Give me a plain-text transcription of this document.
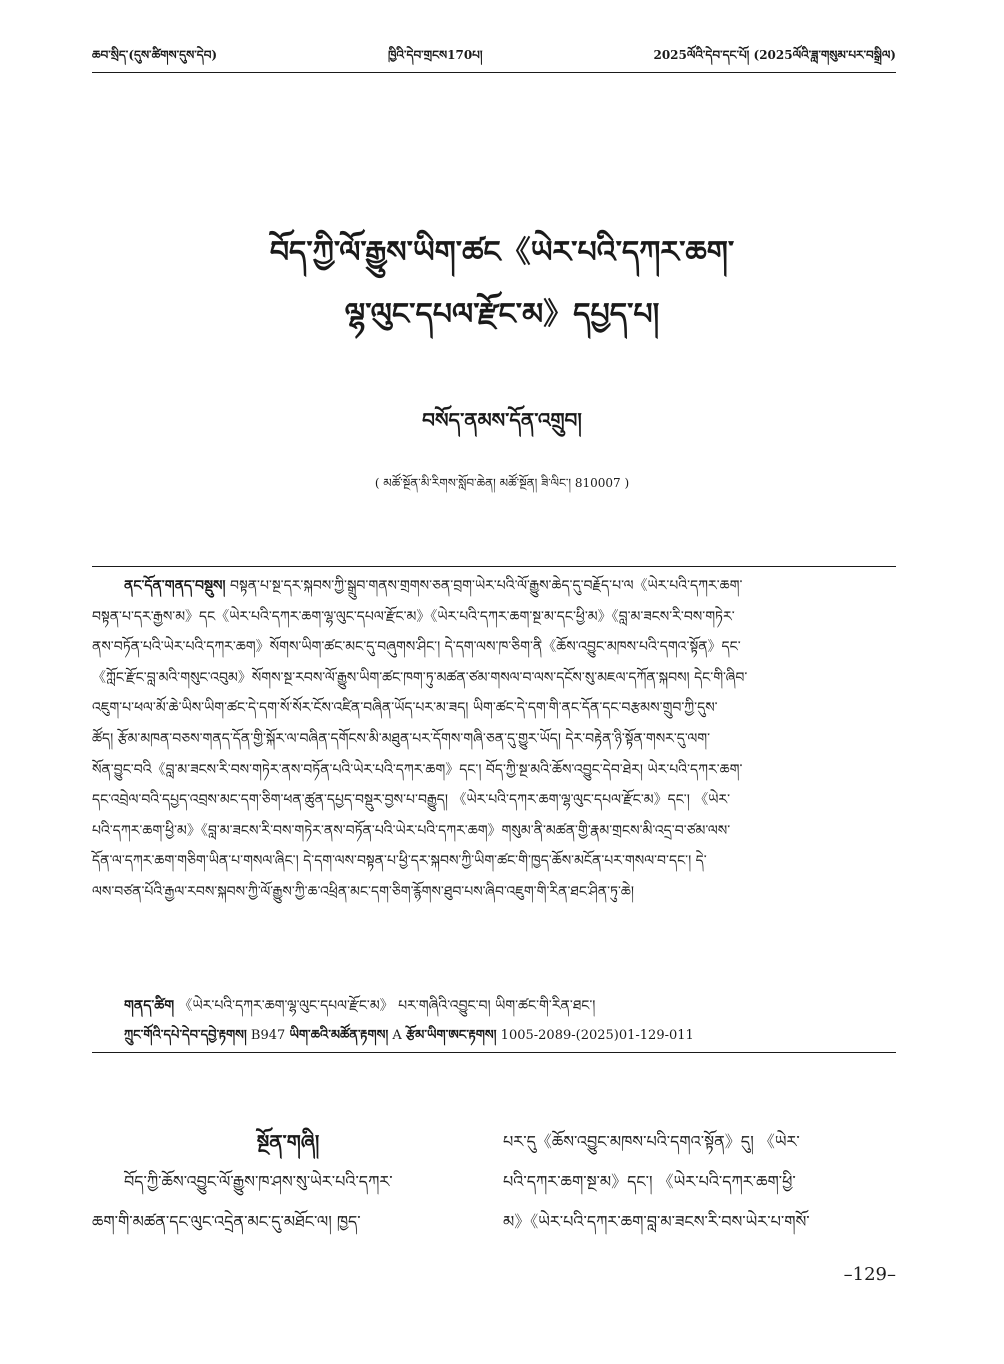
ཆབ་སྲིད་(དུས་ཚིགས་དུས་དེབ)	ཁྱིའི་དེབ་གྲངས170པ།	2025ལོའི་དེབ་དང་པོ། (2025ལོའི་ཟླ་གསུམ་པར་བསྒྲིལ)
བོད་ཀྱི་ལོ་རྒྱུས་ཡིག་ཚང《ཡེར་པའི་དཀར་ཆག་
ལྷ་ལུང་དཔལ་རྫོང་མ》དཔྱད་པ།
བསོད་ནམས་དོན་འགྲུབ།
( མཚོ་སྔོན་མི་རིགས་སློབ་ཆེན། མཚོ་སྔོན། ཟི་ལིང་། 810007 )
ནང་དོན་གནད་བསྡུས། བསྟན་པ་སྔ་དར་སྐབས་ཀྱི་སྒྲུབ་གནས་གྲགས་ཅན་བྲག་ཡེར་པའི་ལོ་རྒྱུས་ཆེད་དུ་བརྗོད་པ་ལ《ཡེར་པའི་དཀར་ཆག་
བསྟན་པ་དར་རྒྱས་མ》དང《ཡེར་པའི་དཀར་ཆག་ལྷ་ལུང་དཔལ་རྫོང་མ》《ཡེར་པའི་དཀར་ཆག་སྔ་མ་དང་ཕྱི་མ》《བླ་མ་ཟངས་རི་བས་གཏེར་
ནས་བཏོན་པའི་ཡེར་པའི་དཀར་ཆག》སོགས་ཡིག་ཚང་མང་དུ་བཞུགས་ཤིང་། དེ་དག་ལས་ཁ་ཅིག་ནི《ཆོས་འབྱུང་མཁས་པའི་དགའ་སྟོན》དང་
《ཀློང་རྫོང་བླ་མའི་གསུང་འབུམ》སོགས་སྔ་རབས་ལོ་རྒྱུས་ཡིག་ཚང་ཁག་ཏུ་མཚན་ཙམ་གསལ་བ་ལས་དངོས་སུ་མཇལ་དཀོན་སྐབས། དེང་གི་ཞིབ་
འཇུག་པ་ཕལ་མོ་ཆེ་ཡིས་ཡིག་ཚང་དེ་དག་སོ་སོར་ངོས་འཛིན་བཞིན་ཡོད་པར་མ་ཟད། ཡིག་ཚང་དེ་དག་གི་ནང་དོན་དང་བརྩམས་གྲུབ་ཀྱི་དུས་
ཚོད། རྩོམ་མཁན་བཅས་གནད་དོན་གྱི་སྐོར་ལ་བཞིན་དགོངས་མི་མཐུན་པར་དོགས་གཞི་ཅན་དུ་གྱུར་ཡོད། དེར་བརྟེན་ཉི་སྟོན་གསར་དུ་ལག་
སོན་བྱུང་བའི《བླ་མ་ཟངས་རི་བས་གཏེར་ནས་བཏོན་པའི་ཡེར་པའི་དཀར་ཆག》དང་། བོད་ཀྱི་སྔ་མའི་ཆོས་འབྱུང་དེབ་ཐེར། ཡེར་པའི་དཀར་ཆག་
དང་འབྲེལ་བའི་དཔྱད་འབྲས་མང་དག་ཅིག་ཕན་ཚུན་དཔྱད་བསྡུར་བྱས་པ་བརྒྱུད། 《ཡེར་པའི་དཀར་ཆག་ལྷ་ལུང་དཔལ་རྫོང་མ》དང་། 《ཡེར་
པའི་དཀར་ཆག་ཕྱི་མ》《བླ་མ་ཟངས་རི་བས་གཏེར་ནས་བཏོན་པའི་ཡེར་པའི་དཀར་ཆག》གསུམ་ནི་མཚན་གྱི་རྣམ་གྲངས་མི་འདྲ་བ་ཙམ་ལས་
དོན་ལ་དཀར་ཆག་གཅིག་ཡིན་པ་གསལ་ཞིང་། དེ་དག་ལས་བསྟན་པ་ཕྱི་དར་སྐབས་ཀྱི་ཡིག་ཚང་གི་ཁྱད་ཆོས་མངོན་པར་གསལ་བ་དང་། དེ་
ལས་བཙན་པོའི་རྒྱལ་རབས་སྐབས་ཀྱི་ལོ་རྒྱུས་ཀྱི་ཆ་འཕྲིན་མང་དག་ཅིག་རྙོགས་ཐུབ་པས་ཞིབ་འཇུག་གི་རིན་ཐང་ཤིན་ཏུ་ཆེ།
གནད་ཚིག 《ཡེར་པའི་དཀར་ཆག་ལྷ་ལུང་དཔལ་རྫོང་མ》 པར་གཞིའི་འབྱུང་བ། ཡིག་ཚང་གི་རིན་ཐང་།
ཀྲུང་གོའི་དཔེ་དེབ་དབྱེ་རྟགས། B947 ཡིག་ཆའི་མཚོན་རྟགས། A རྩོམ་ཡིག་ཨང་རྟགས། 1005-2089-(2025)01-129-011
སྔོན་གཞི།
བོད་ཀྱི་ཆོས་འབྱུང་ལོ་རྒྱུས་ཁ་ཤས་སུ་ཡེར་པའི་དཀར་
ཆག་གི་མཚན་དང་ལུང་འདྲེན་མང་དུ་མཐོང་ལ། ཁྱད་
པར་དུ《ཆོས་འབྱུང་མཁས་པའི་དགའ་སྟོན》དུ། 《ཡེར་
པའི་དཀར་ཆག་སྔ་མ》དང་། 《ཡེར་པའི་དཀར་ཆག་ཕྱི་
མ》《ཡེར་པའི་དཀར་ཆག་བླ་མ་ཟངས་རི་བས་ཡེར་པ་གསོ་
–129–
